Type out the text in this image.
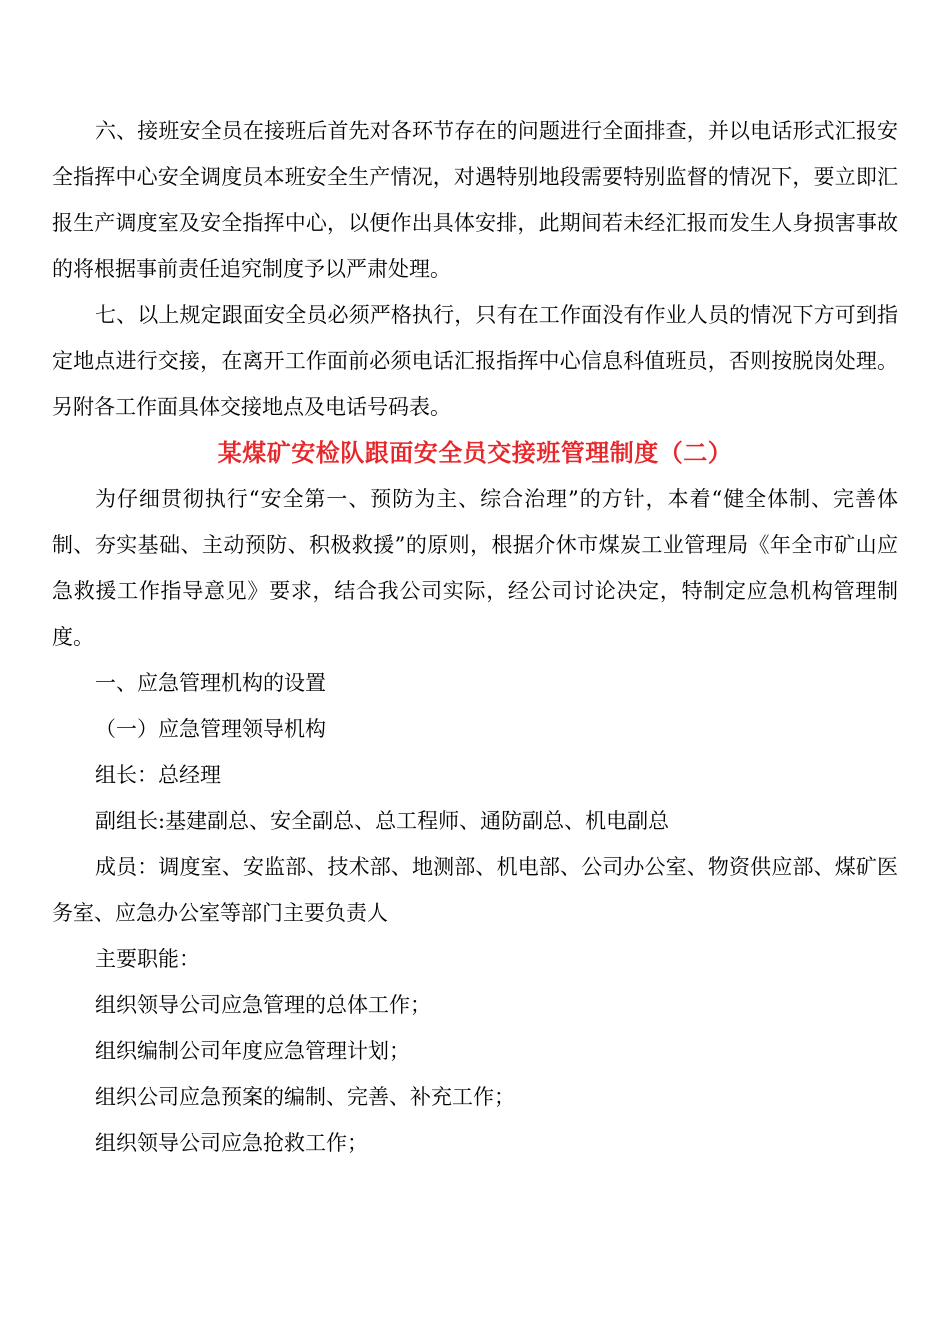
六、接班安全员在接班后首先对各环节存在的问题进行全面排查，并以电话形式汇报安全指挥中心安全调度员本班安全生产情况，对遇特别地段需要特别监督的情况下，要立即汇报生产调度室及安全指挥中心，以便作出具体安排，此期间若未经汇报而发生人身损害事故的将根据事前责任追究制度予以严肃处理。

七、以上规定跟面安全员必须严格执行，只有在工作面没有作业人员的情况下方可到指定地点进行交接，在离开工作面前必须电话汇报指挥中心信息科值班员，否则按脱岗处理。另附各工作面具体交接地点及电话号码表。

某煤矿安检队跟面安全员交接班管理制度（二）

为仔细贯彻执行“安全第一、预防为主、综合治理”的方针，本着“健全体制、完善体制、夯实基础、主动预防、积极救援”的原则，根据介休市煤炭工业管理局《年全市矿山应急救援工作指导意见》要求，结合我公司实际，经公司讨论决定，特制定应急机构管理制度。

一、应急管理机构的设置

（一）应急管理领导机构

组长：总经理

副组长:基建副总、安全副总、总工程师、通防副总、机电副总

成员：调度室、安监部、技术部、地测部、机电部、公司办公室、物资供应部、煤矿医务室、应急办公室等部门主要负责人

主要职能：

组织领导公司应急管理的总体工作；

组织编制公司年度应急管理计划；

组织公司应急预案的编制、完善、补充工作；

组织领导公司应急抢救工作；
